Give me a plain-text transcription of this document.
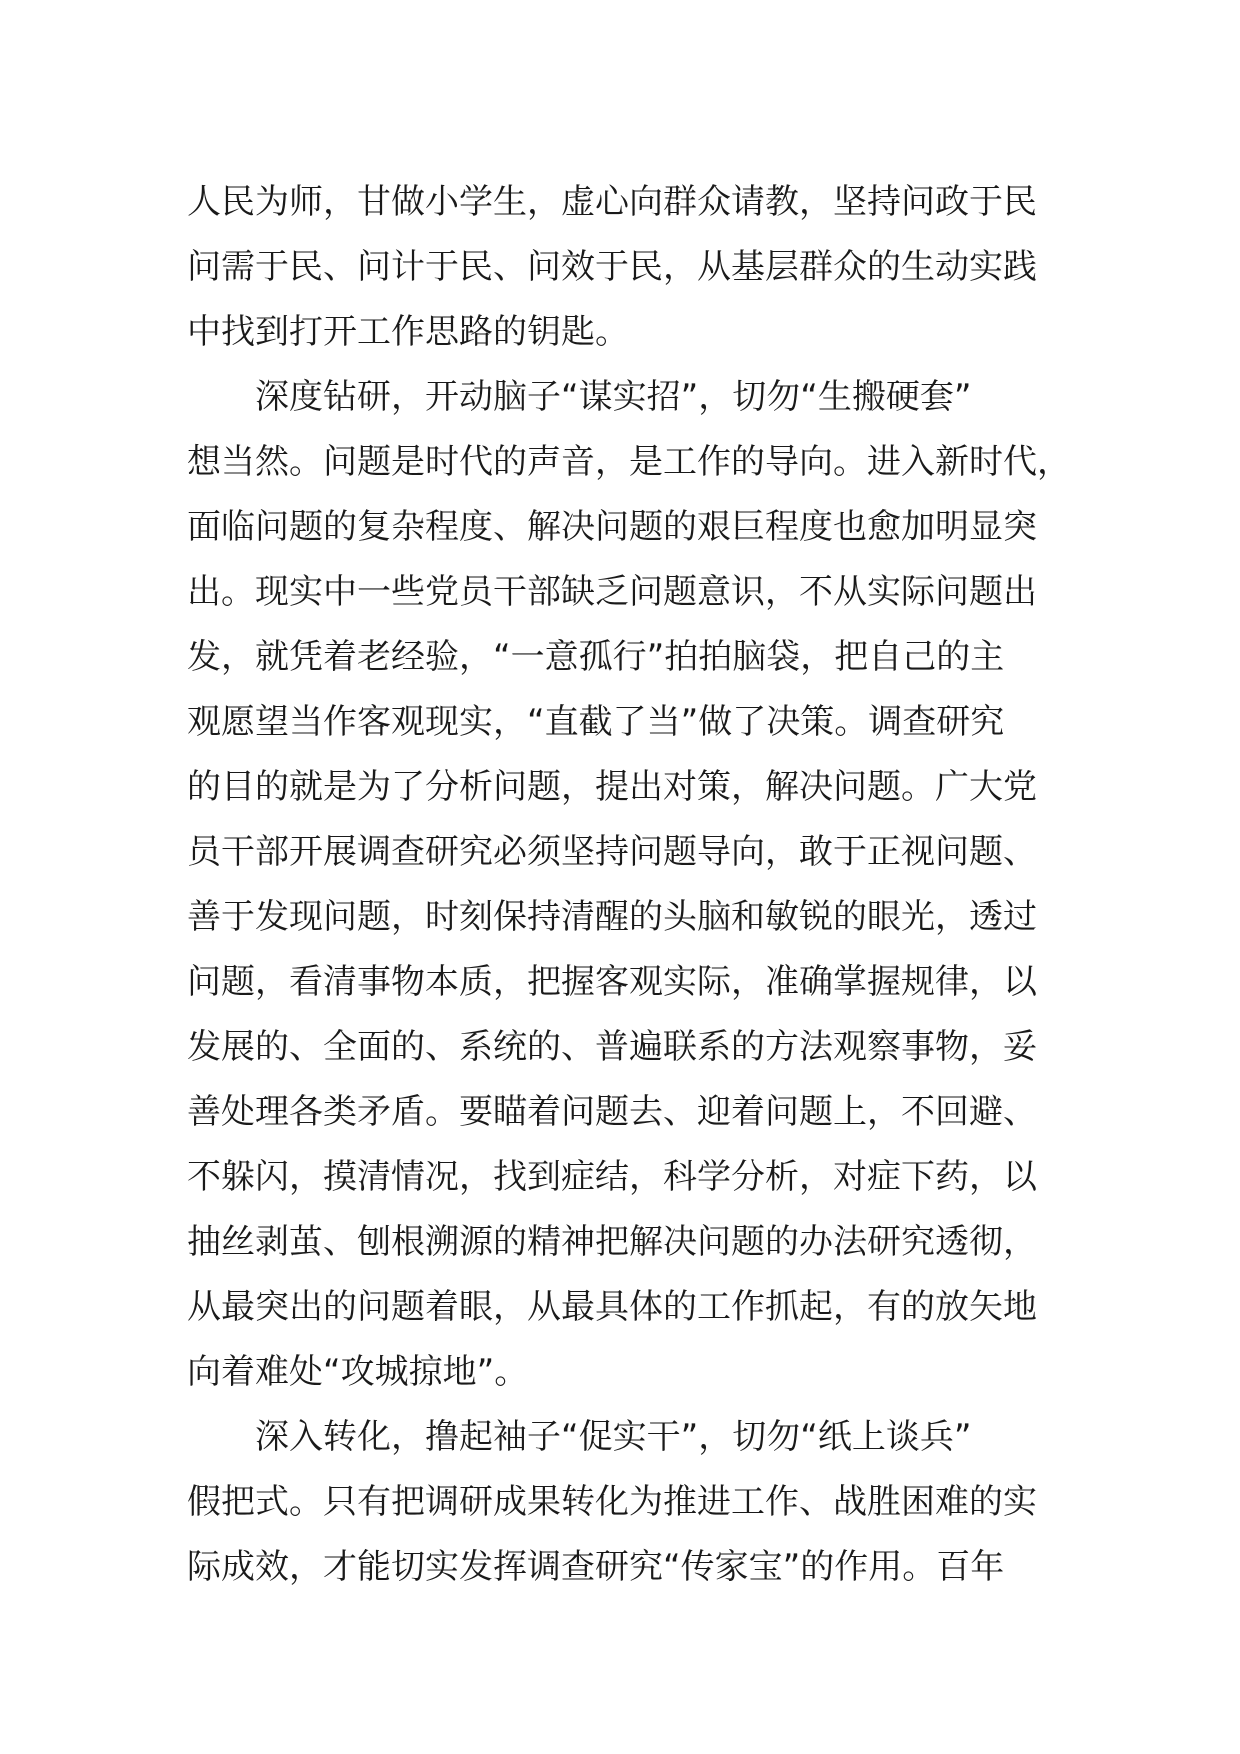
人民为师，甘做小学生，虚心向群众请教，坚持问政于民
问需于民、问计于民、问效于民，从基层群众的生动实践
中找到打开工作思路的钥匙。
深度钻研，开动脑子“谋实招”，切勿“生搬硬套”
想当然。问题是时代的声音，是工作的导向。进入新时代，
面临问题的复杂程度、解决问题的艰巨程度也愈加明显突
出。现实中一些党员干部缺乏问题意识，不从实际问题出
发，就凭着老经验，“一意孤行”拍拍脑袋，把自己的主
观愿望当作客观现实，“直截了当”做了决策。调查研究
的目的就是为了分析问题，提出对策，解决问题。广大党
员干部开展调查研究必须坚持问题导向，敢于正视问题、
善于发现问题，时刻保持清醒的头脑和敏锐的眼光，透过
问题，看清事物本质，把握客观实际，准确掌握规律，以
发展的、全面的、系统的、普遍联系的方法观察事物，妥
善处理各类矛盾。要瞄着问题去、迎着问题上，不回避、
不躲闪，摸清情况，找到症结，科学分析，对症下药，以
抽丝剥茧、刨根溯源的精神把解决问题的办法研究透彻，
从最突出的问题着眼，从最具体的工作抓起，有的放矢地
向着难处“攻城掠地”。
深入转化，撸起袖子“促实干”，切勿“纸上谈兵”
假把式。只有把调研成果转化为推进工作、战胜困难的实
际成效，才能切实发挥调查研究“传家宝”的作用。百年
